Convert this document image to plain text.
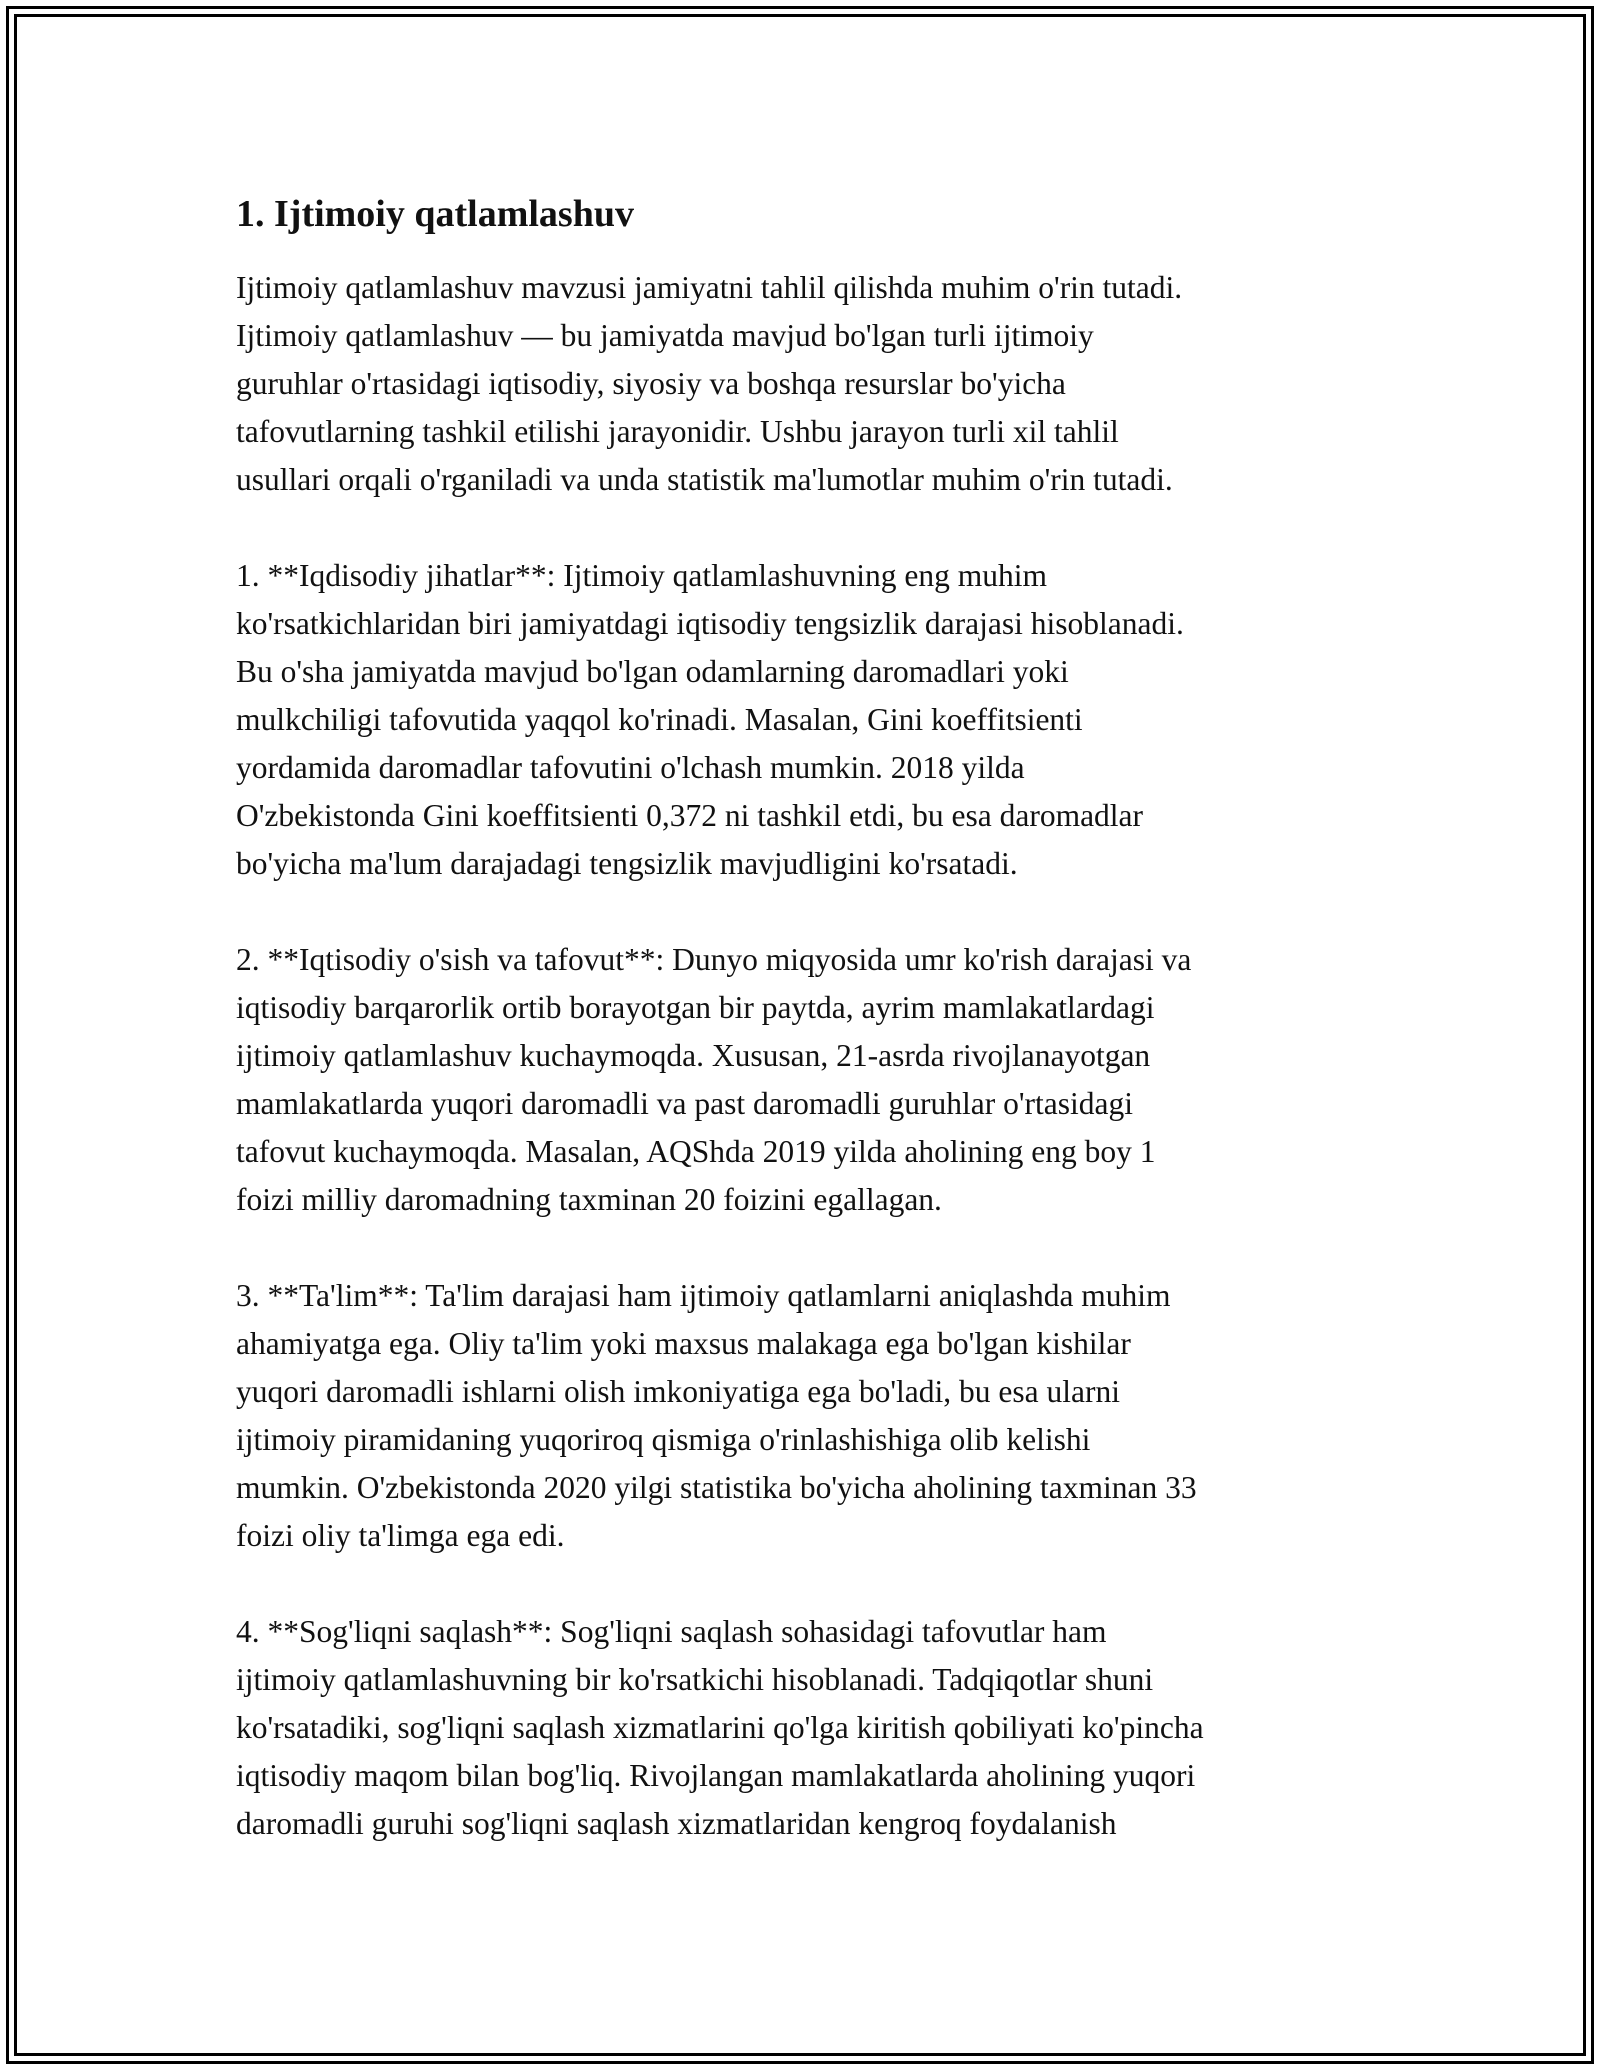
1. Ijtimoiy qatlamlashuv
Ijtimoiy qatlamlashuv mavzusi jamiyatni tahlil qilishda muhim o'rin tutadi.
Ijtimoiy qatlamlashuv — bu jamiyatda mavjud bo'lgan turli ijtimoiy
guruhlar o'rtasidagi iqtisodiy, siyosiy va boshqa resurslar bo'yicha
tafovutlarning tashkil etilishi jarayonidir. Ushbu jarayon turli xil tahlil
usullari orqali o'rganiladi va unda statistik ma'lumotlar muhim o'rin tutadi.
1. **Iqdisodiy jihatlar**: Ijtimoiy qatlamlashuvning eng muhim
ko'rsatkichlaridan biri jamiyatdagi iqtisodiy tengsizlik darajasi hisoblanadi.
Bu o'sha jamiyatda mavjud bo'lgan odamlarning daromadlari yoki
mulkchiligi tafovutida yaqqol ko'rinadi. Masalan, Gini koeffitsienti
yordamida daromadlar tafovutini o'lchash mumkin. 2018 yilda
O'zbekistonda Gini koeffitsienti 0,372 ni tashkil etdi, bu esa daromadlar
bo'yicha ma'lum darajadagi tengsizlik mavjudligini ko'rsatadi.
2. **Iqtisodiy o'sish va tafovut**: Dunyo miqyosida umr ko'rish darajasi va
iqtisodiy barqarorlik ortib borayotgan bir paytda, ayrim mamlakatlardagi
ijtimoiy qatlamlashuv kuchaymoqda. Xususan, 21-asrda rivojlanayotgan
mamlakatlarda yuqori daromadli va past daromadli guruhlar o'rtasidagi
tafovut kuchaymoqda. Masalan, AQShda 2019 yilda aholining eng boy 1
foizi milliy daromadning taxminan 20 foizini egallagan.
3. **Ta'lim**: Ta'lim darajasi ham ijtimoiy qatlamlarni aniqlashda muhim
ahamiyatga ega. Oliy ta'lim yoki maxsus malakaga ega bo'lgan kishilar
yuqori daromadli ishlarni olish imkoniyatiga ega bo'ladi, bu esa ularni
ijtimoiy piramidaning yuqoriroq qismiga o'rinlashishiga olib kelishi
mumkin. O'zbekistonda 2020 yilgi statistika bo'yicha aholining taxminan 33
foizi oliy ta'limga ega edi.
4. **Sog'liqni saqlash**: Sog'liqni saqlash sohasidagi tafovutlar ham
ijtimoiy qatlamlashuvning bir ko'rsatkichi hisoblanadi. Tadqiqotlar shuni
ko'rsatadiki, sog'liqni saqlash xizmatlarini qo'lga kiritish qobiliyati ko'pincha
iqtisodiy maqom bilan bog'liq. Rivojlangan mamlakatlarda aholining yuqori
daromadli guruhi sog'liqni saqlash xizmatlaridan kengroq foydalanish
